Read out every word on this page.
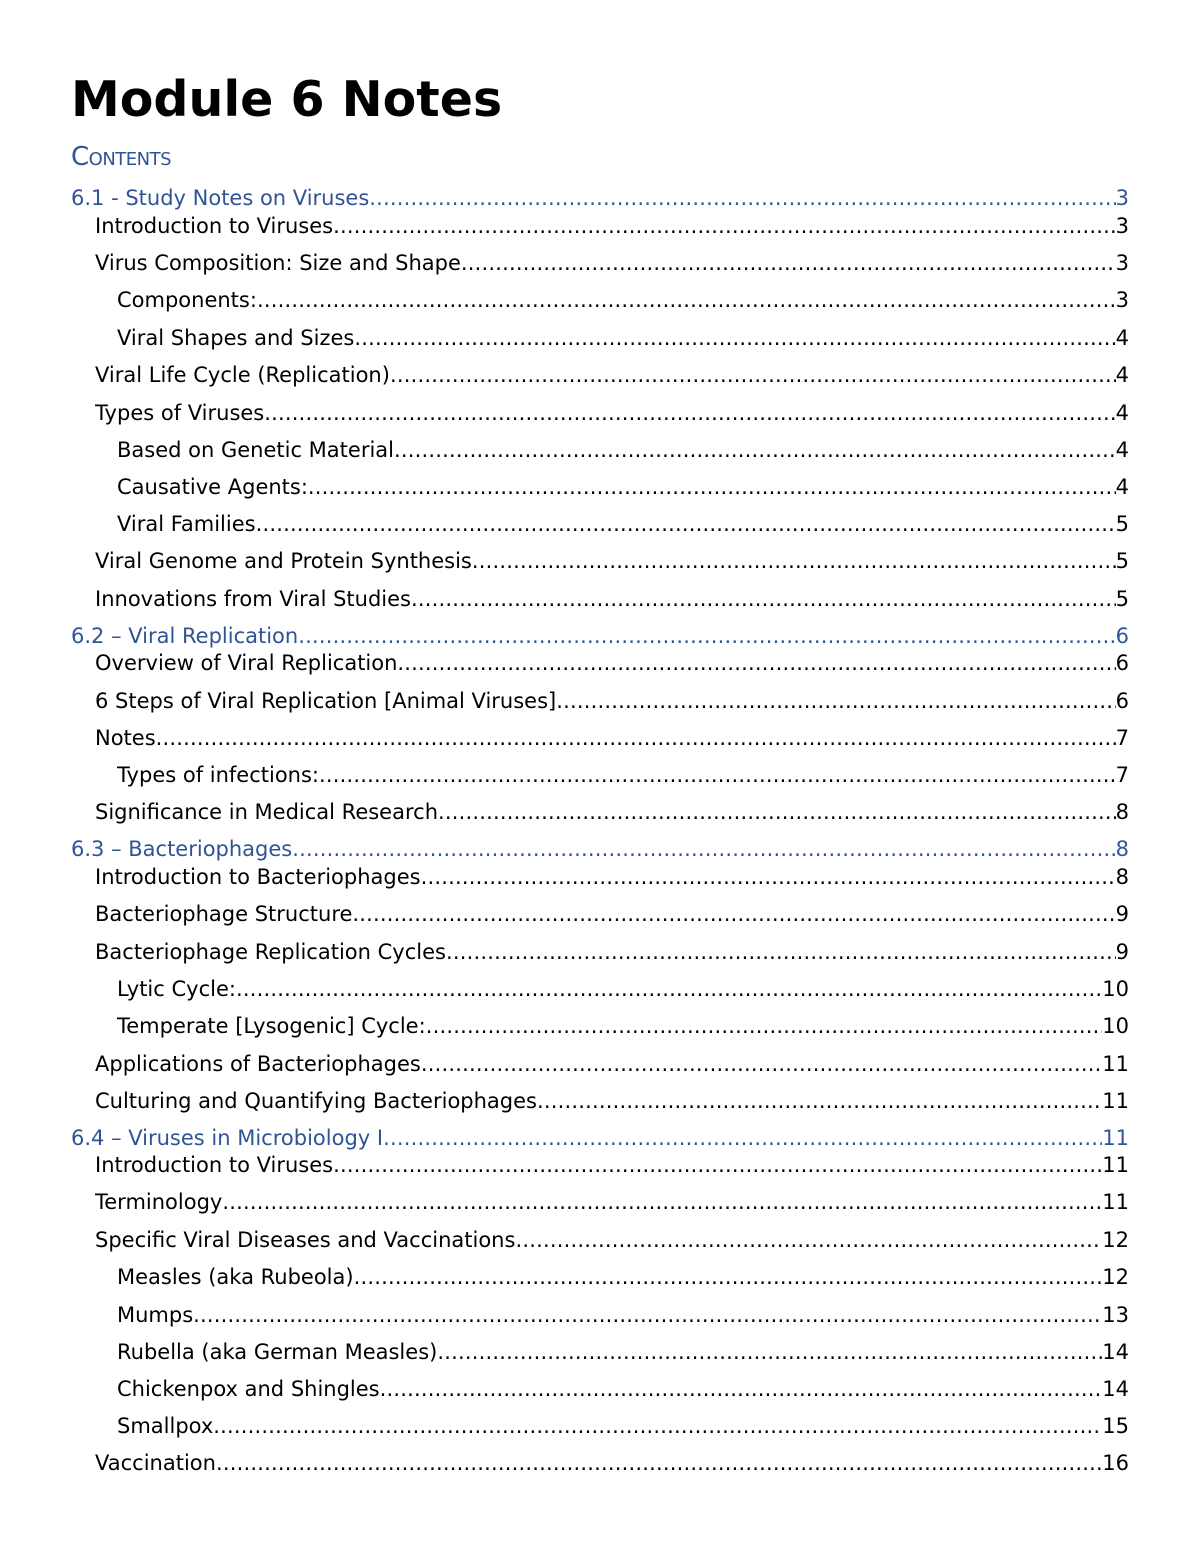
Module 6 Notes
Contents
6.1 - Study Notes on Viruses .....	3
Introduction to Viruses .....	3
Virus Composition: Size and Shape .....	3
Components: .....	3
Viral Shapes and Sizes .....	4
Viral Life Cycle (Replication) .....	4
Types of Viruses .....	4
Based on Genetic Material .....	4
Causative Agents: .....	4
Viral Families .....	5
Viral Genome and Protein Synthesis .....	5
Innovations from Viral Studies .....	5
6.2 – Viral Replication .....	6
Overview of Viral Replication .....	6
6 Steps of Viral Replication [Animal Viruses] .....	6
Notes .....	7
Types of infections: .....	7
Significance in Medical Research .....	8
6.3 – Bacteriophages .....	8
Introduction to Bacteriophages .....	8
Bacteriophage Structure .....	9
Bacteriophage Replication Cycles .....	9
Lytic Cycle: .....	10
Temperate [Lysogenic] Cycle: .....	10
Applications of Bacteriophages .....	11
Culturing and Quantifying Bacteriophages .....	11
6.4 – Viruses in Microbiology I .....	11
Introduction to Viruses .....	11
Terminology .....	11
Specific Viral Diseases and Vaccinations .....	12
Measles (aka Rubeola) .....	12
Mumps .....	13
Rubella (aka German Measles) .....	14
Chickenpox and Shingles .....	14
Smallpox .....	15
Vaccination .....	16
